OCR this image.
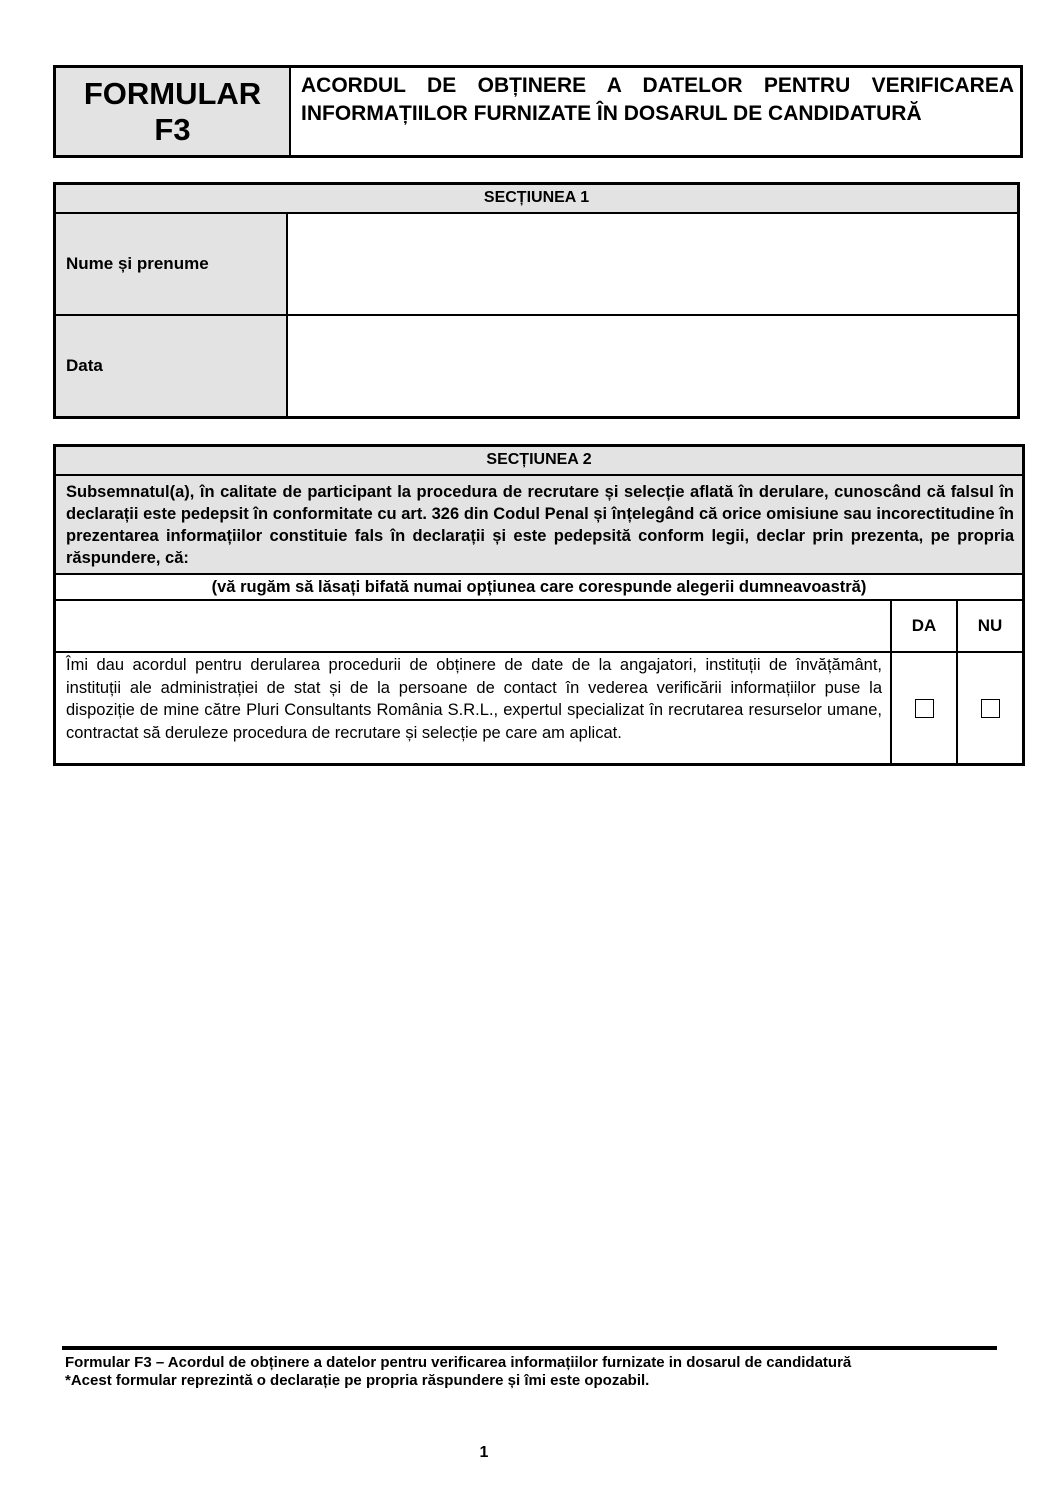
FORMULAR
F3
ACORDUL DE OBȚINERE A DATELOR PENTRU VERIFICAREA INFORMAȚIILOR FURNIZATE ÎN DOSARUL DE CANDIDATURĂ
SECȚIUNEA 1
Nume și prenume
Data
SECȚIUNEA 2
Subsemnatul(a), în calitate de participant la procedura de recrutare și selecție aflată în derulare, cunoscând că falsul în declarații este pedepsit în conformitate cu art. 326 din Codul Penal și înțelegând că orice omisiune sau incorectitudine în prezentarea informațiilor constituie fals în declarații și este pedepsită conform legii, declar prin prezenta, pe propria răspundere, că:
(vă rugăm să lăsați bifată numai opțiunea care corespunde alegerii dumneavoastră)
DA	NU
Îmi dau acordul pentru derularea procedurii de obținere de date de la angajatori, instituții de învățământ, instituții ale administrației de stat și de la persoane de contact în vederea verificării informațiilor puse la dispoziție de mine către Pluri Consultants România S.R.L., expertul specializat în recrutarea resurselor umane, contractat să deruleze procedura de recrutare și selecție pe care am aplicat.
Formular F3 – Acordul de obținere a datelor pentru verificarea informațiilor furnizate in dosarul de candidatură
*Acest formular reprezintă o declarație pe propria răspundere și îmi este opozabil.
1
